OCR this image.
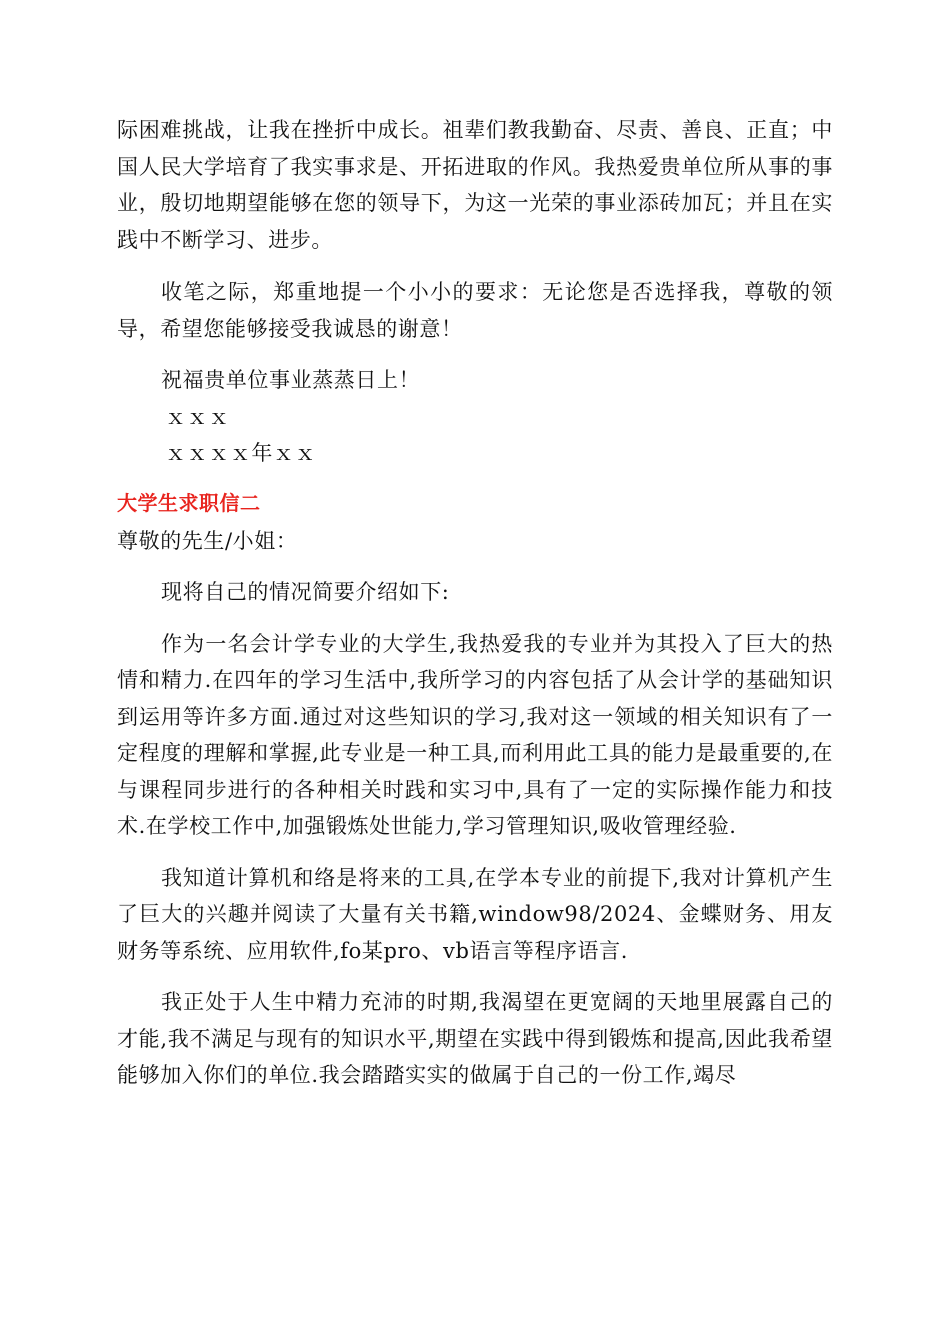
际困难挑战，让我在挫折中成长。祖辈们教我勤奋、尽责、善良、正直；中国人民大学培育了我实事求是、开拓进取的作风。我热爱贵单位所从事的事业，殷切地期望能够在您的领导下，为这一光荣的事业添砖加瓦；并且在实践中不断学习、进步。

收笔之际，郑重地提一个小小的要求：无论您是否选择我，尊敬的领导，希望您能够接受我诚恳的谢意！

祝福贵单位事业蒸蒸日上！

ｘｘｘ

ｘｘｘｘ年ｘｘ

大学生求职信二

尊敬的先生/小姐：

现将自己的情况简要介绍如下:

作为一名会计学专业的大学生,我热爱我的专业并为其投入了巨大的热情和精力.在四年的学习生活中,我所学习的内容包括了从会计学的基础知识到运用等许多方面.通过对这些知识的学习,我对这一领域的相关知识有了一定程度的理解和掌握,此专业是一种工具,而利用此工具的能力是最重要的,在与课程同步进行的各种相关时践和实习中,具有了一定的实际操作能力和技术.在学校工作中,加强锻炼处世能力,学习管理知识,吸收管理经验.

我知道计算机和络是将来的工具,在学本专业的前提下,我对计算机产生了巨大的兴趣并阅读了大量有关书籍,window98/2024、金蝶财务、用友财务等系统、应用软件,fo某pro、vb语言等程序语言.

我正处于人生中精力充沛的时期,我渴望在更宽阔的天地里展露自己的才能,我不满足与现有的知识水平,期望在实践中得到锻炼和提高,因此我希望能够加入你们的单位.我会踏踏实实的做属于自己的一份工作,竭尽
